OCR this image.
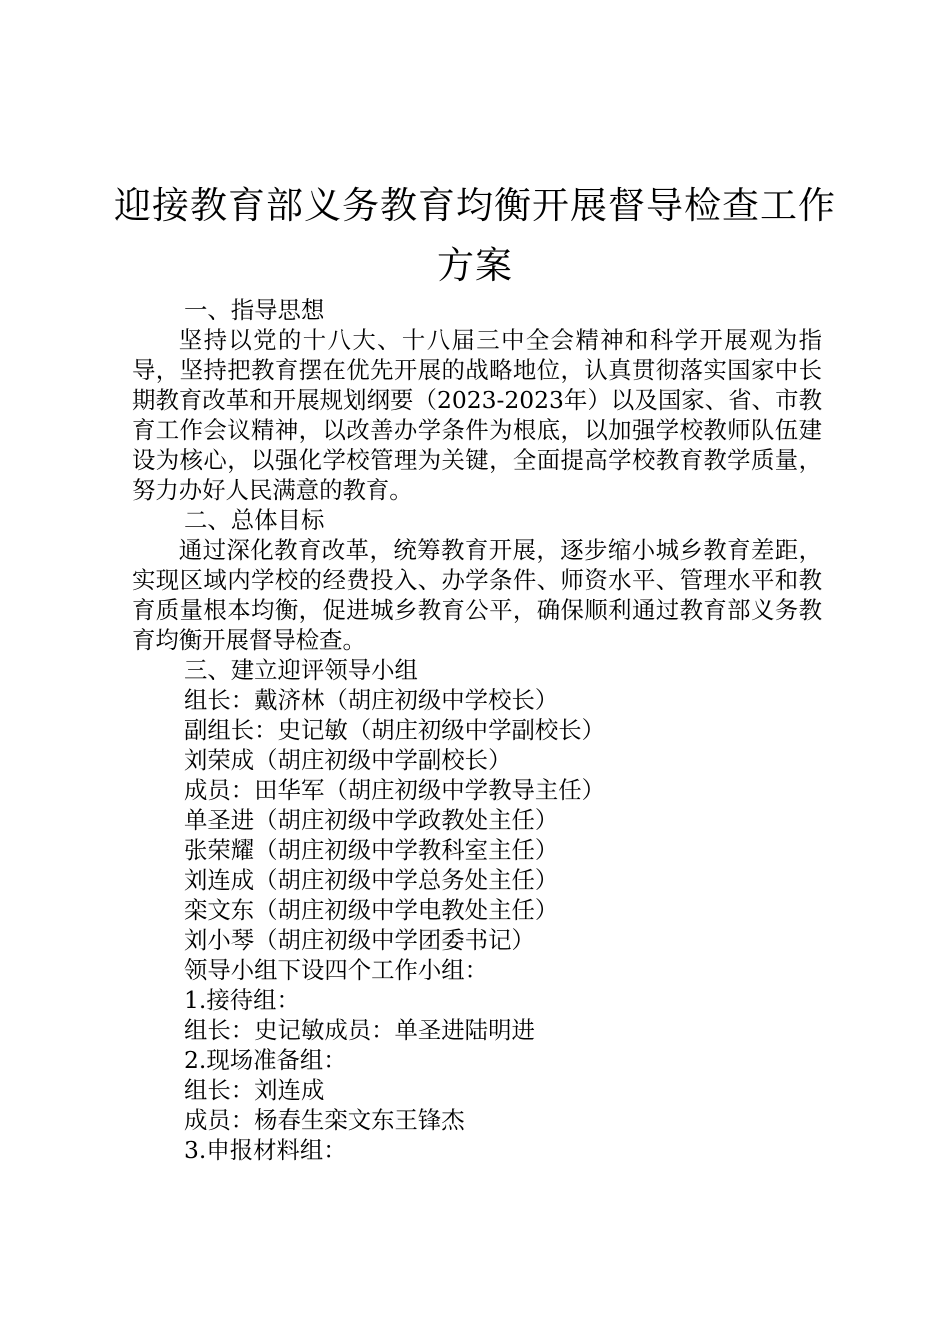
迎接教育部义务教育均衡开展督导检查工作
方案
一、指导思想

坚持以党的十八大、十八届三中全会精神和科学开展观为指导，坚持把教育摆在优先开展的战略地位，认真贯彻落实国家中长期教育改革和开展规划纲要（2023-2023年）以及国家、省、市教育工作会议精神，以改善办学条件为根底，以加强学校教师队伍建设为核心，以强化学校管理为关键，全面提高学校教育教学质量，努力办好人民满意的教育。

二、总体目标

通过深化教育改革，统筹教育开展，逐步缩小城乡教育差距，实现区域内学校的经费投入、办学条件、师资水平、管理水平和教育质量根本均衡，促进城乡教育公平，确保顺利通过教育部义务教育均衡开展督导检查。

三、建立迎评领导小组
组长：戴济林（胡庄初级中学校长）
副组长：史记敏（胡庄初级中学副校长）
刘荣成（胡庄初级中学副校长）
成员：田华军（胡庄初级中学教导主任）
单圣进（胡庄初级中学政教处主任）
张荣耀（胡庄初级中学教科室主任）
刘连成（胡庄初级中学总务处主任）
栾文东（胡庄初级中学电教处主任）
刘小琴（胡庄初级中学团委书记）
领导小组下设四个工作小组：
1.接待组：
组长：史记敏成员：单圣进陆明进
2.现场准备组：
组长：刘连成
成员：杨春生栾文东王锋杰
3.申报材料组：
